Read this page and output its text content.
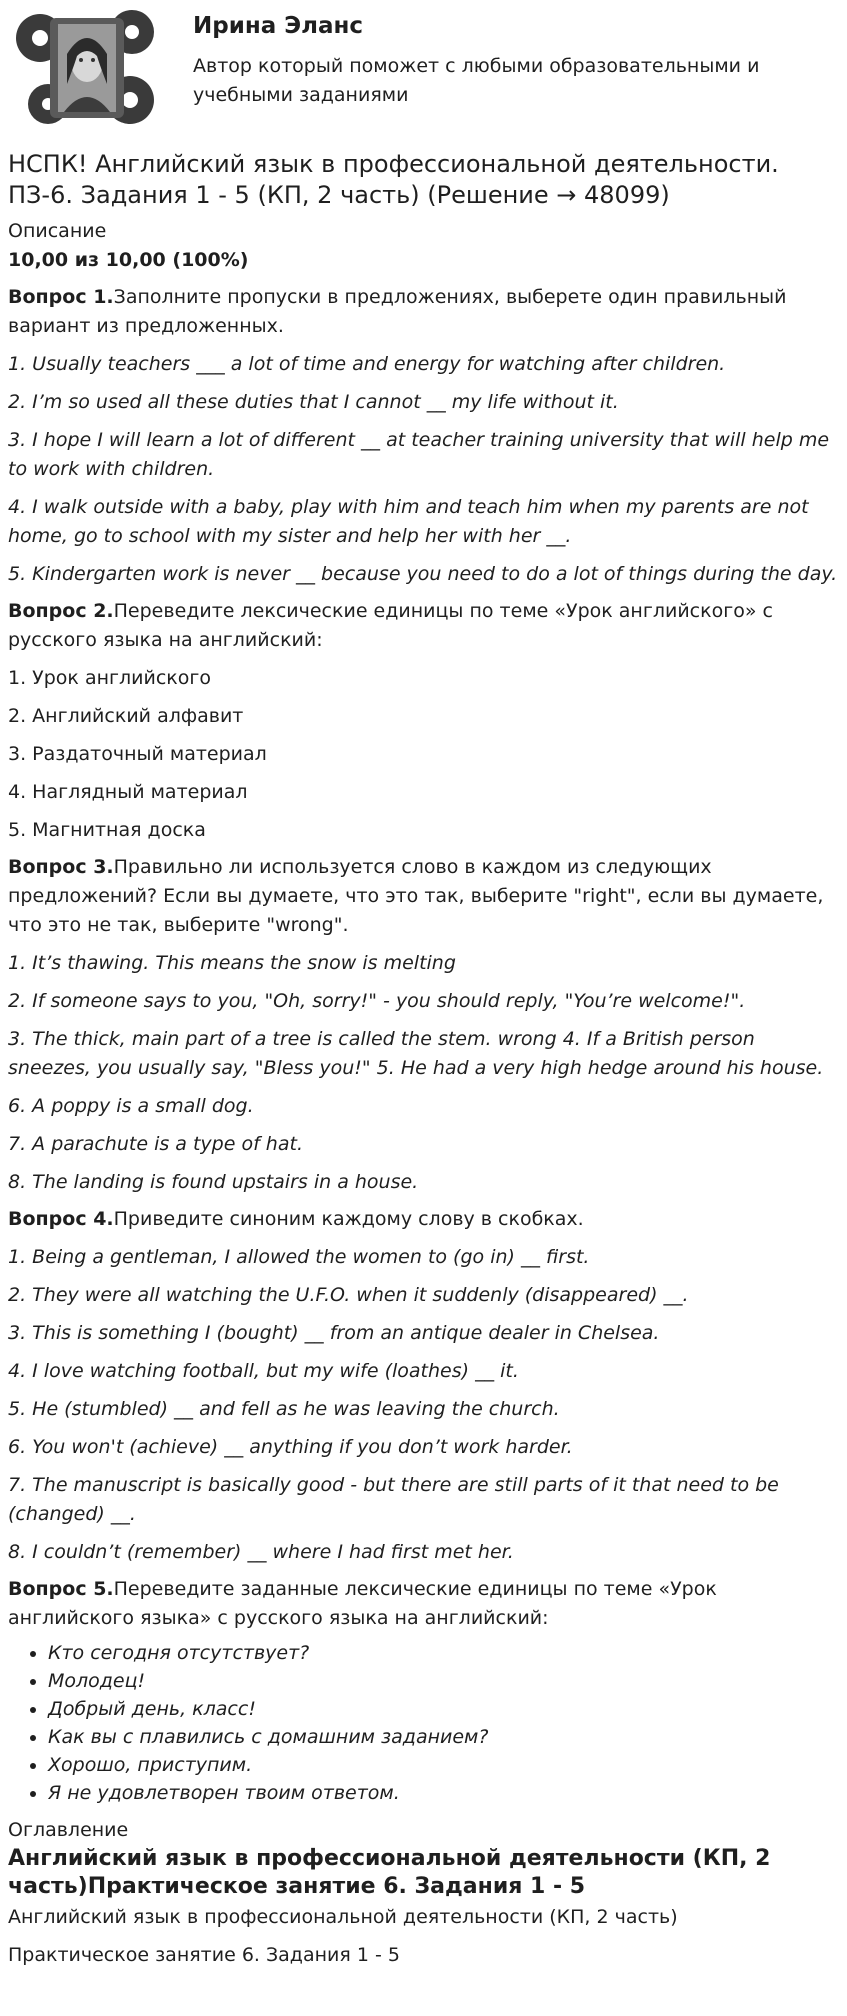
Ирина Эланс
Автор который поможет с любыми образовательными и учебными заданиями
НСПК! Английский язык в профессиональной деятельности. ПЗ-6. Задания 1 - 5 (КП, 2 часть) (Решение → 48099)
Описание
10,00 из 10,00 (100%)
Вопрос 1.Заполните пропуски в предложениях, выберете один правильный вариант из предложенных.
1. Usually teachers ___ a lot of time and energy for watching after children.
2. I’m so used all these duties that I cannot __ my life without it.
3. I hope I will learn a lot of different __ at teacher training university that will help me to work with children.
4. I walk outside with a baby, play with him and teach him when my parents are not home, go to school with my sister and help her with her __.
5. Kindergarten work is never __ because you need to do a lot of things during the day.
Вопрос 2.Переведите лексические единицы по теме «Урок английского» с русского языка на английский:
1. Урок английского
2. Английский алфавит
3. Раздаточный материал
4. Наглядный материал
5. Магнитная доска
Вопрос 3.Правильно ли используется слово в каждом из следующих предложений? Если вы думаете, что это так, выберите "right", если вы думаете, что это не так, выберите "wrong".
1. It’s thawing. This means the snow is melting
2. If someone says to you, "Oh, sorry!" - you should reply, "You’re welcome!".
3. The thick, main part of a tree is called the stem. wrong 4. If a British person sneezes, you usually say, "Bless you!" 5. He had a very high hedge around his house.
6. A poppy is a small dog.
7. A parachute is a type of hat.
8. The landing is found upstairs in a house.
Вопрос 4.Приведите синоним каждому слову в скобках.
1. Being a gentleman, I allowed the women to (go in) __ first.
2. They were all watching the U.F.O. when it suddenly (disappeared) __.
3. This is something I (bought) __ from an antique dealer in Chelsea.
4. I love watching football, but my wife (loathes) __ it.
5. He (stumbled) __ and fell as he was leaving the church.
6. You won't (achieve) __ anything if you don’t work harder.
7. The manuscript is basically good - but there are still parts of it that need to be (changed) __.
8. I couldn’t (remember) __ where I had first met her.
Вопрос 5.Переведите заданные лексические единицы по теме «Урок английского языка» с русского языка на английский:
• Кто сегодня отсутствует?
• Молодец!
• Добрый день, класс!
• Как вы с плавились с домашним заданием?
• Хорошо, приступим.
• Я не удовлетворен твоим ответом.
Оглавление
Английский язык в профессиональной деятельности (КП, 2 часть)Практическое занятие 6. Задания 1 - 5
Английский язык в профессиональной деятельности (КП, 2 часть)
Практическое занятие 6. Задания 1 - 5
